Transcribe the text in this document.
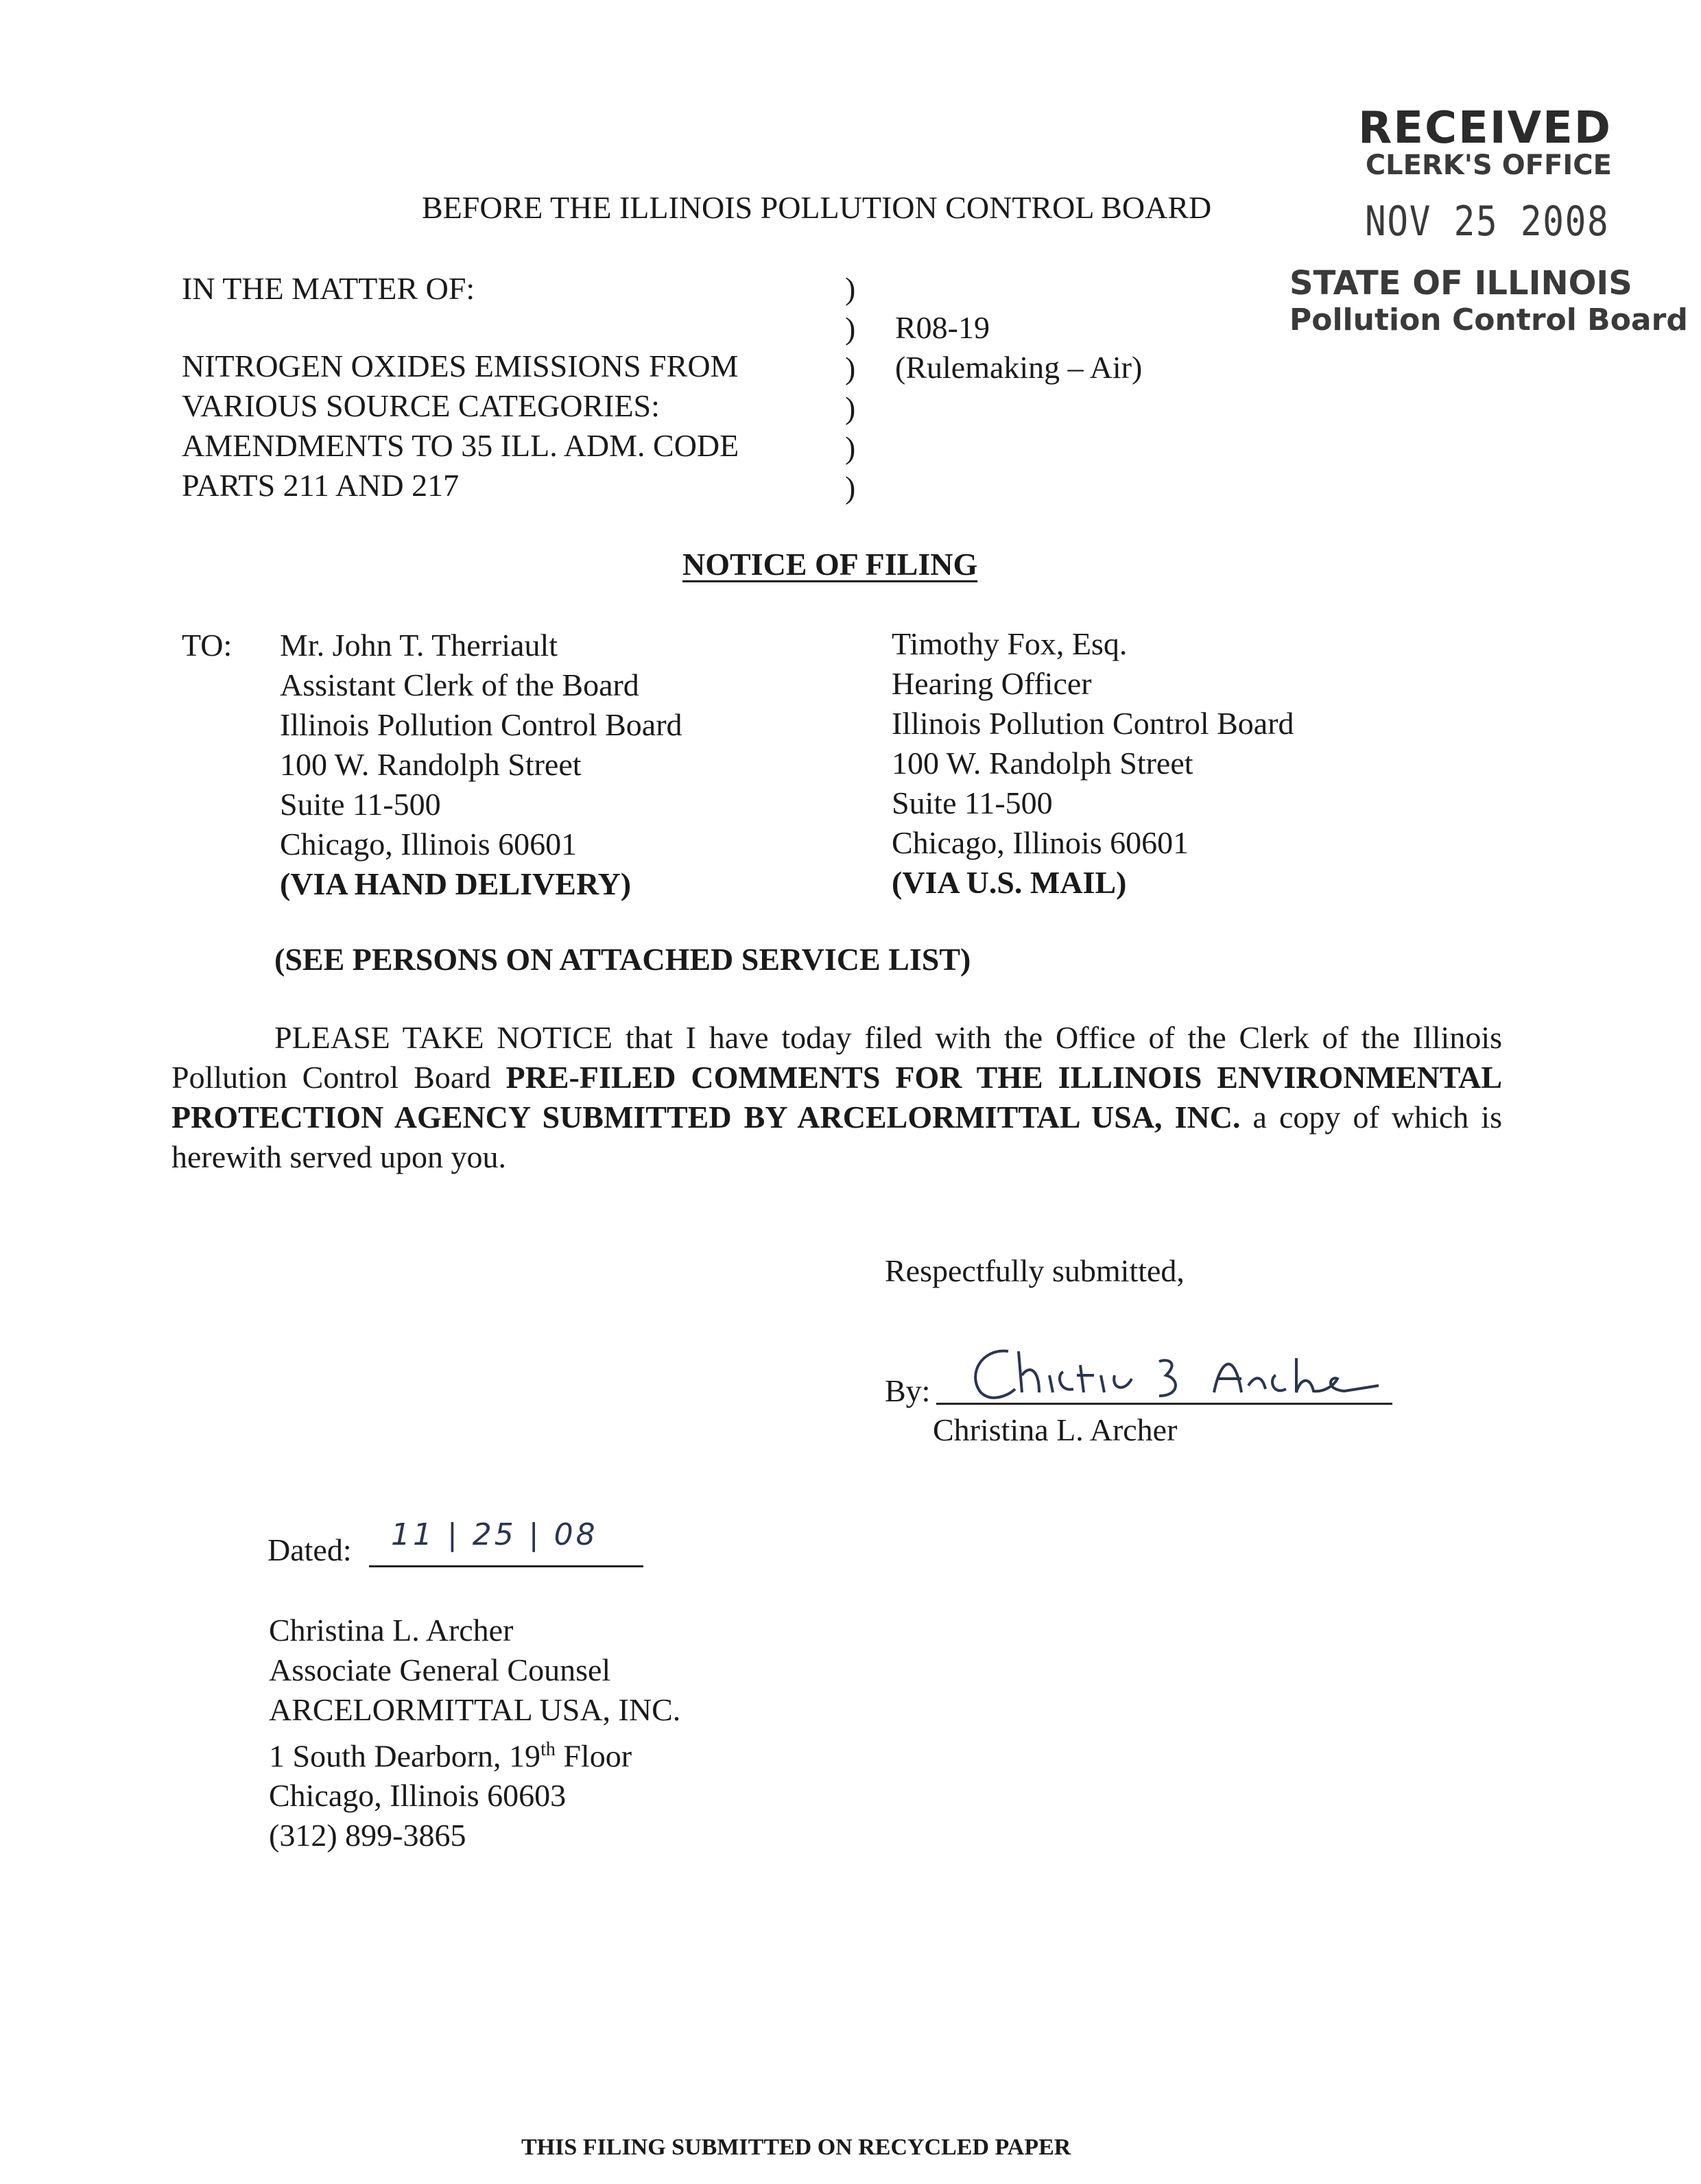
RECEIVED
CLERK'S OFFICE
NOV 25 2008
STATE OF ILLINOIS
Pollution Control Board
BEFORE THE ILLINOIS POLLUTION CONTROL BOARD
IN THE MATTER OF:
NITROGEN OXIDES EMISSIONS FROM
VARIOUS SOURCE CATEGORIES:
AMENDMENTS TO 35 ILL. ADM. CODE
PARTS 211 AND 217
)
)
)
)
)
)
R08-19
(Rulemaking – Air)
NOTICE OF FILING
TO: Mr. John T. Therriault
Assistant Clerk of the Board
Illinois Pollution Control Board
100 W. Randolph Street
Suite 11-500
Chicago, Illinois 60601
(VIA HAND DELIVERY)
Timothy Fox, Esq.
Hearing Officer
Illinois Pollution Control Board
100 W. Randolph Street
Suite 11-500
Chicago, Illinois 60601
(VIA U.S. MAIL)
(SEE PERSONS ON ATTACHED SERVICE LIST)
PLEASE TAKE NOTICE that I have today filed with the Office of the Clerk of the Illinois Pollution Control Board PRE-FILED COMMENTS FOR THE ILLINOIS ENVIRONMENTAL PROTECTION AGENCY SUBMITTED BY ARCELORMITTAL USA, INC. a copy of which is herewith served upon you.
Respectfully submitted,
By:
Christina L. Archer
Dated: 11 | 25 | 08
Christina L. Archer
Associate General Counsel
ARCELORMITTAL USA, INC.
1 South Dearborn, 19th Floor
Chicago, Illinois 60603
(312) 899-3865
THIS FILING SUBMITTED ON RECYCLED PAPER
